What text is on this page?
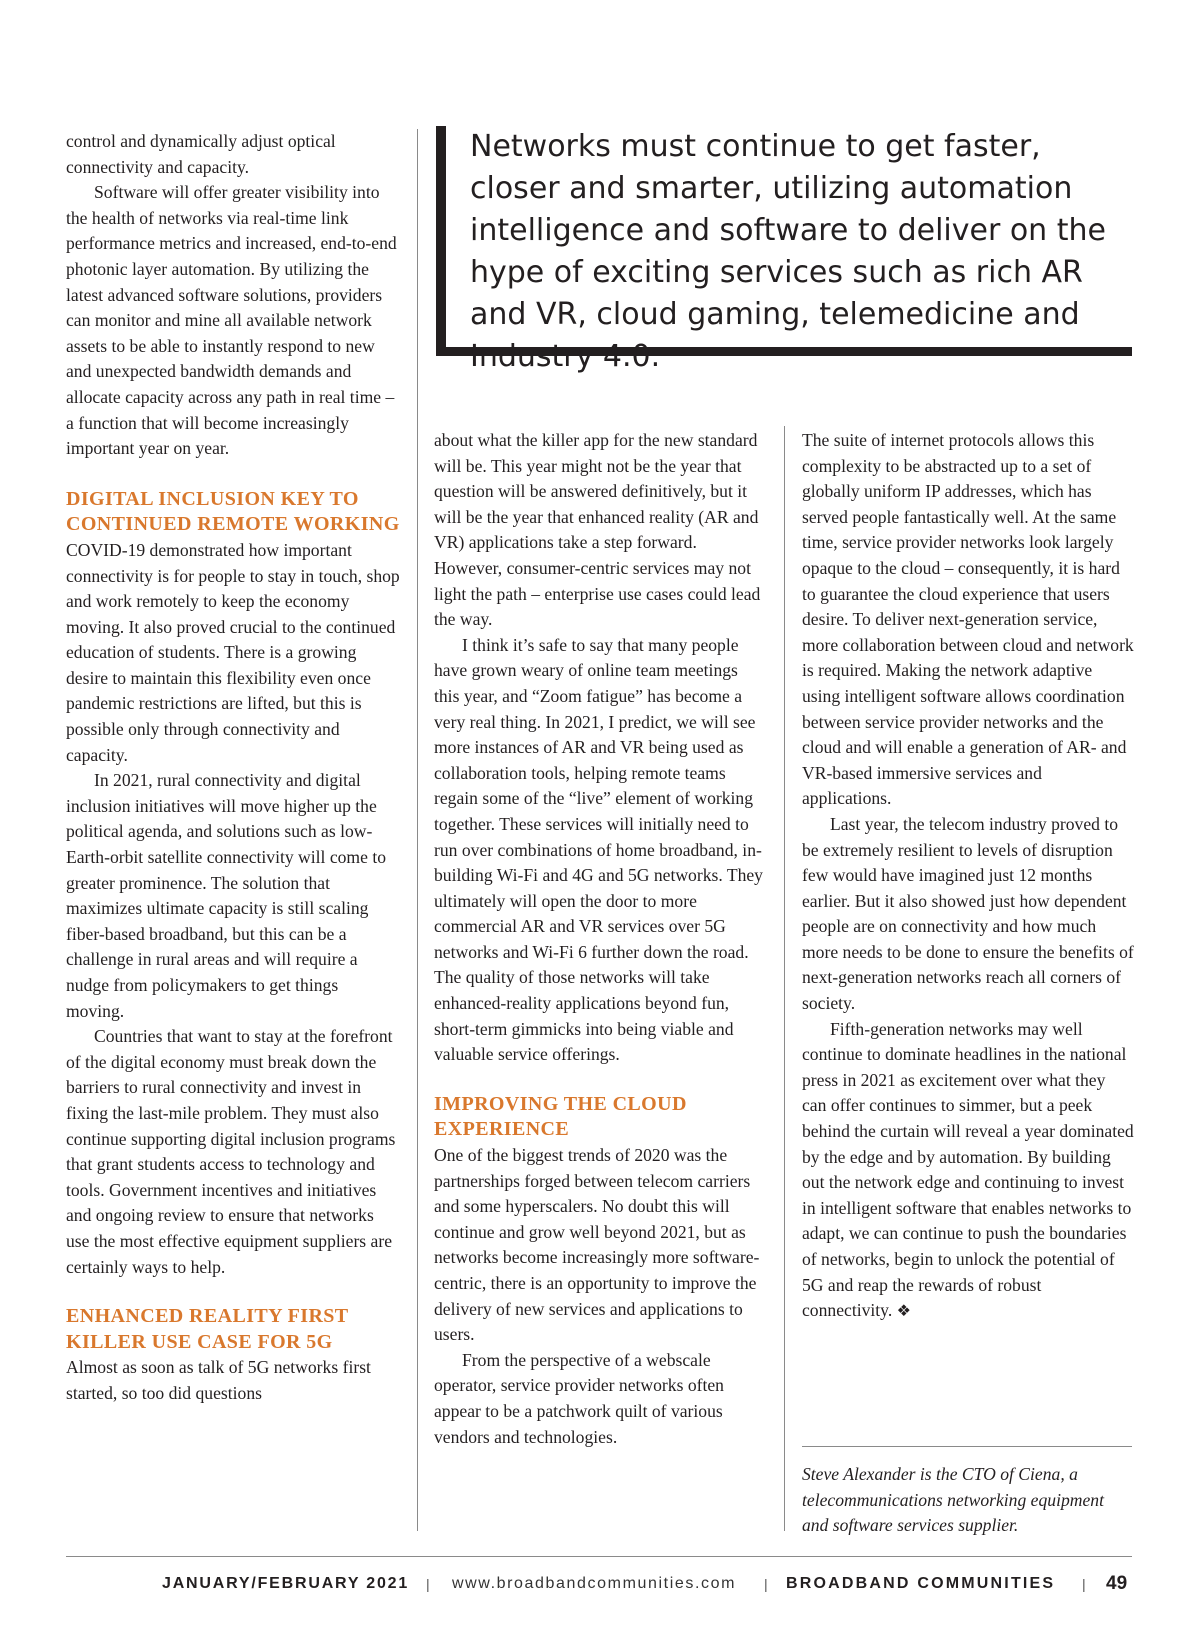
control and dynamically adjust optical connectivity and capacity.

Software will offer greater visibility into the health of networks via real-time link performance metrics and increased, end-to-end photonic layer automation. By utilizing the latest advanced software solutions, providers can monitor and mine all available network assets to be able to instantly respond to new and unexpected bandwidth demands and allocate capacity across any path in real time – a function that will become increasingly important year on year.

DIGITAL INCLUSION KEY TO CONTINUED REMOTE WORKING

COVID-19 demonstrated how important connectivity is for people to stay in touch, shop and work remotely to keep the economy moving. It also proved crucial to the continued education of students. There is a growing desire to maintain this flexibility even once pandemic restrictions are lifted, but this is possible only through connectivity and capacity.

In 2021, rural connectivity and digital inclusion initiatives will move higher up the political agenda, and solutions such as low-Earth-orbit satellite connectivity will come to greater prominence. The solution that maximizes ultimate capacity is still scaling fiber-based broadband, but this can be a challenge in rural areas and will require a nudge from policymakers to get things moving.

Countries that want to stay at the forefront of the digital economy must break down the barriers to rural connectivity and invest in fixing the last-mile problem. They must also continue supporting digital inclusion programs that grant students access to technology and tools. Government incentives and initiatives and ongoing review to ensure that networks use the most effective equipment suppliers are certainly ways to help.

ENHANCED REALITY FIRST KILLER USE CASE FOR 5G

Almost as soon as talk of 5G networks first started, so too did questions

Networks must continue to get faster, closer and smarter, utilizing automation intelligence and software to deliver on the hype of exciting services such as rich AR and VR, cloud gaming, telemedicine and Industry 4.0.

about what the killer app for the new standard will be. This year might not be the year that question will be answered definitively, but it will be the year that enhanced reality (AR and VR) applications take a step forward. However, consumer-centric services may not light the path – enterprise use cases could lead the way.

I think it’s safe to say that many people have grown weary of online team meetings this year, and “Zoom fatigue” has become a very real thing. In 2021, I predict, we will see more instances of AR and VR being used as collaboration tools, helping remote teams regain some of the “live” element of working together. These services will initially need to run over combinations of home broadband, in-building Wi-Fi and 4G and 5G networks. They ultimately will open the door to more commercial AR and VR services over 5G networks and Wi-Fi 6 further down the road. The quality of those networks will take enhanced-reality applications beyond fun, short-term gimmicks into being viable and valuable service offerings.

IMPROVING THE CLOUD EXPERIENCE

One of the biggest trends of 2020 was the partnerships forged between telecom carriers and some hyperscalers. No doubt this will continue and grow well beyond 2021, but as networks become increasingly more software-centric, there is an opportunity to improve the delivery of new services and applications to users.

From the perspective of a webscale operator, service provider networks often appear to be a patchwork quilt of various vendors and technologies.

The suite of internet protocols allows this complexity to be abstracted up to a set of globally uniform IP addresses, which has served people fantastically well. At the same time, service provider networks look largely opaque to the cloud – consequently, it is hard to guarantee the cloud experience that users desire. To deliver next-generation service, more collaboration between cloud and network is required. Making the network adaptive using intelligent software allows coordination between service provider networks and the cloud and will enable a generation of AR- and VR-based immersive services and applications.

Last year, the telecom industry proved to be extremely resilient to levels of disruption few would have imagined just 12 months earlier. But it also showed just how dependent people are on connectivity and how much more needs to be done to ensure the benefits of next-generation networks reach all corners of society.

Fifth-generation networks may well continue to dominate headlines in the national press in 2021 as excitement over what they can offer continues to simmer, but a peek behind the curtain will reveal a year dominated by the edge and by automation. By building out the network edge and continuing to invest in intelligent software that enables networks to adapt, we can continue to push the boundaries of networks, begin to unlock the potential of 5G and reap the rewards of robust connectivity. ❖

Steve Alexander is the CTO of Ciena, a telecommunications networking equipment and software services supplier.

JANUARY/FEBRUARY 2021 | www.broadbandcommunities.com | BROADBAND COMMUNITIES | 49
